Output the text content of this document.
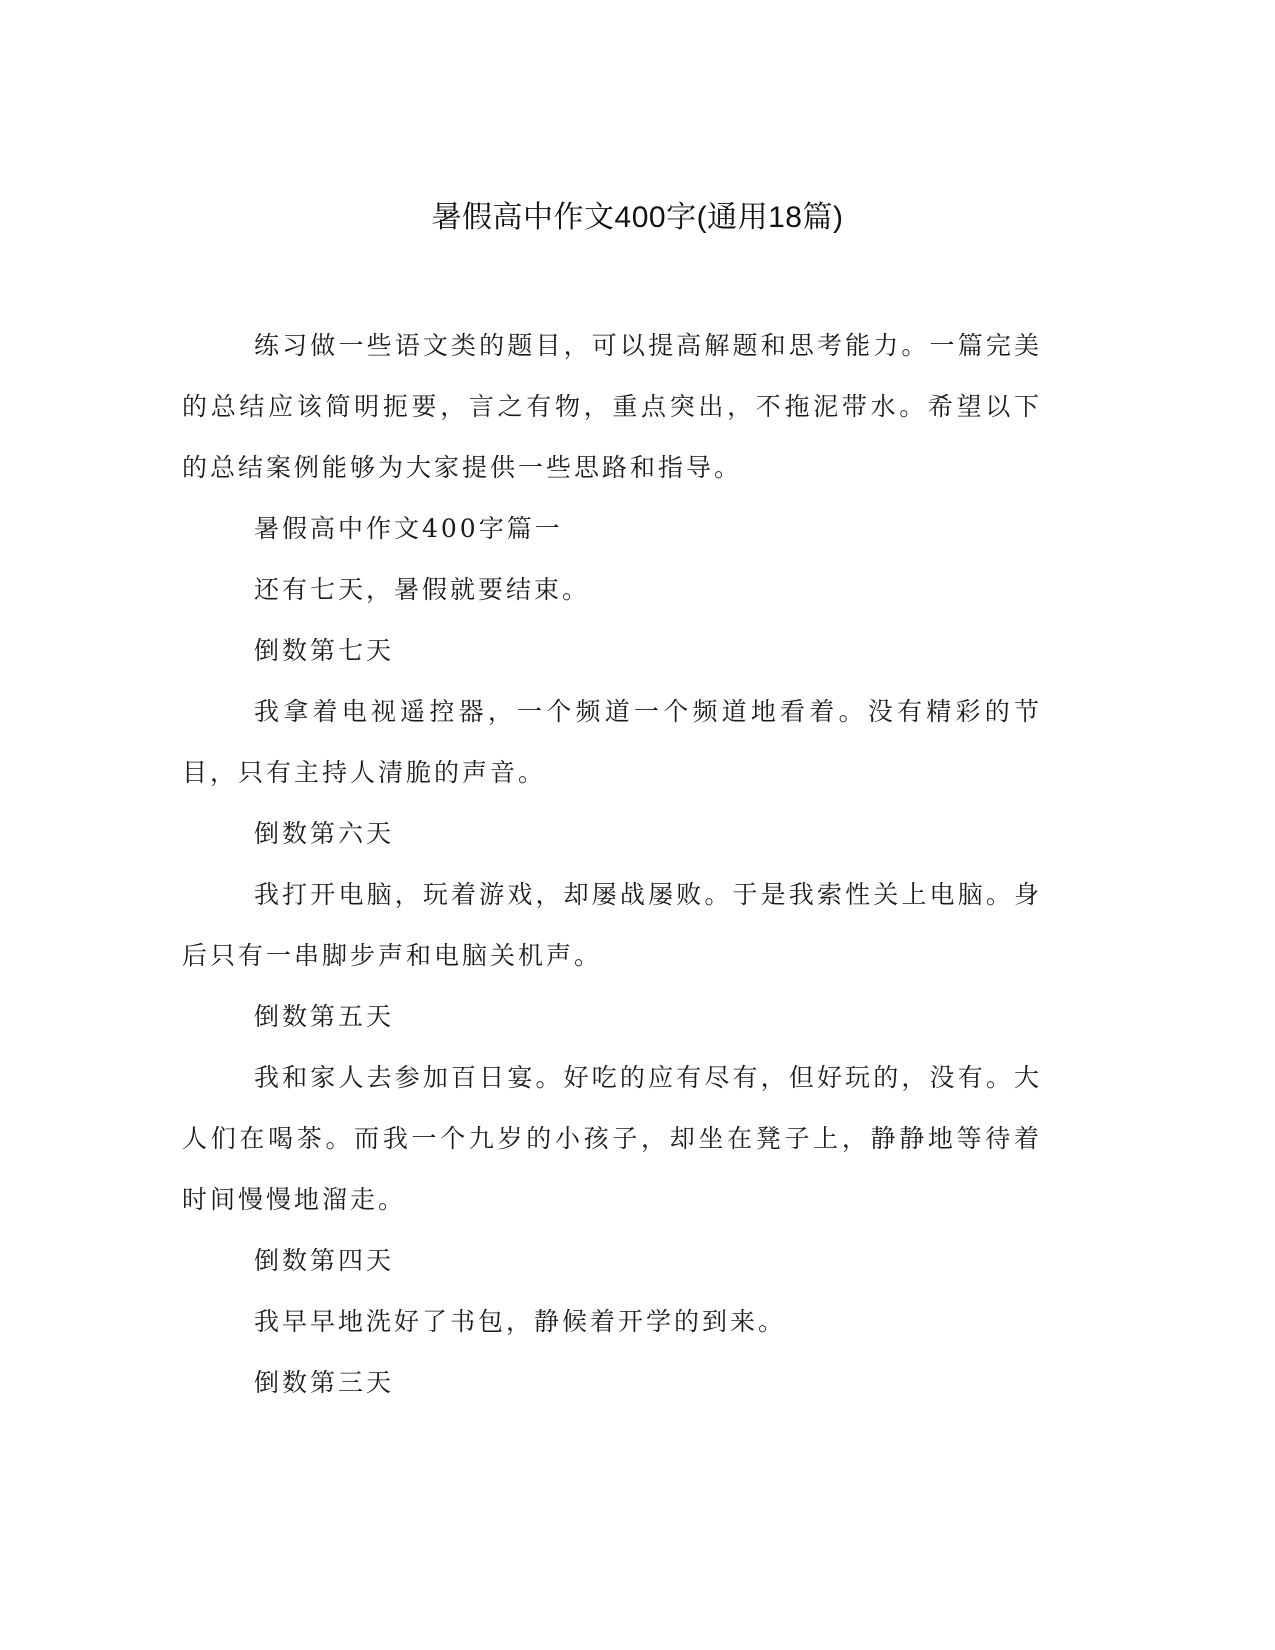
暑假高中作文400字(通用18篇)

练习做一些语文类的题目，可以提高解题和思考能力。一篇完美的总结应该简明扼要，言之有物，重点突出，不拖泥带水。希望以下的总结案例能够为大家提供一些思路和指导。

暑假高中作文400字篇一

还有七天，暑假就要结束。

倒数第七天

我拿着电视遥控器，一个频道一个频道地看着。没有精彩的节目，只有主持人清脆的声音。

倒数第六天

我打开电脑，玩着游戏，却屡战屡败。于是我索性关上电脑。身后只有一串脚步声和电脑关机声。

倒数第五天

我和家人去参加百日宴。好吃的应有尽有，但好玩的，没有。大人们在喝茶。而我一个九岁的小孩子，却坐在凳子上，静静地等待着时间慢慢地溜走。

倒数第四天

我早早地洗好了书包，静候着开学的到来。

倒数第三天
